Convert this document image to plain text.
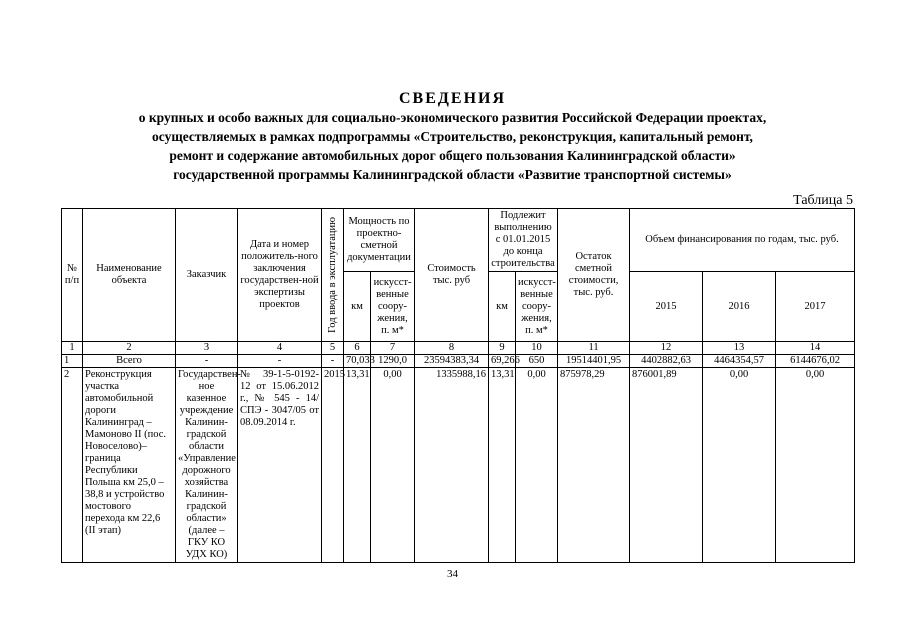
СВЕДЕНИЯ
о крупных и особо важных для социально-экономического развития Российской Федерации проектах,
осуществляемых в рамках подпрограммы «Строительство, реконструкция, капитальный ремонт,
ремонт и содержание автомобильных дорог общего пользования Калининградской области»
государственной программы Калининградской области «Развитие транспортной системы»
Таблица 5
№ п/п	Наименование объекта	Заказчик	Дата и номер положитель-ного заключения государствен-ной экспертизы проектов	Год ввода в эксплуатацию	Мощность по проектно-сметной документации		Стоимость тыс. руб	Подлежит выполнению с 01.01.2015 до конца строительства		Остаток сметной стоимости, тыс. руб.	Объем финансирования по годам, тыс. руб.		
					км	искусст-венные соору-жения, п. м*		км	искусст-венные соору-жения, п. м*		2015	2016	2017
1	2	3	4	5	6	7	8	9	10	11	12	13	14
1	Всего	-	-	-	70,033	1290,0	23594383,34	69,266	650	19514401,95	4402882,63	4464354,57	6144676,02
2	Реконструкция участка автомобильной дороги Калининград – Мамоново II (пос. Новоселово)– граница Республики Польша км 25,0 – 38,8 и устройство мостового перехода км 22,6 (II этап)	Государствен-ное казенное учреждение Калинин-градской области «Управление дорожного хозяйства Калинин-градской области» (далее – ГКУ КО УДХ КО)	№ 39-1-5-0192-12 от 15.06.2012 г., № 545 - 14/СПЭ - 3047/05 от 08.09.2014 г.	2015	13,31	0,00	1335988,16	13,31	0,00	875978,29	876001,89	0,00	0,00
34
